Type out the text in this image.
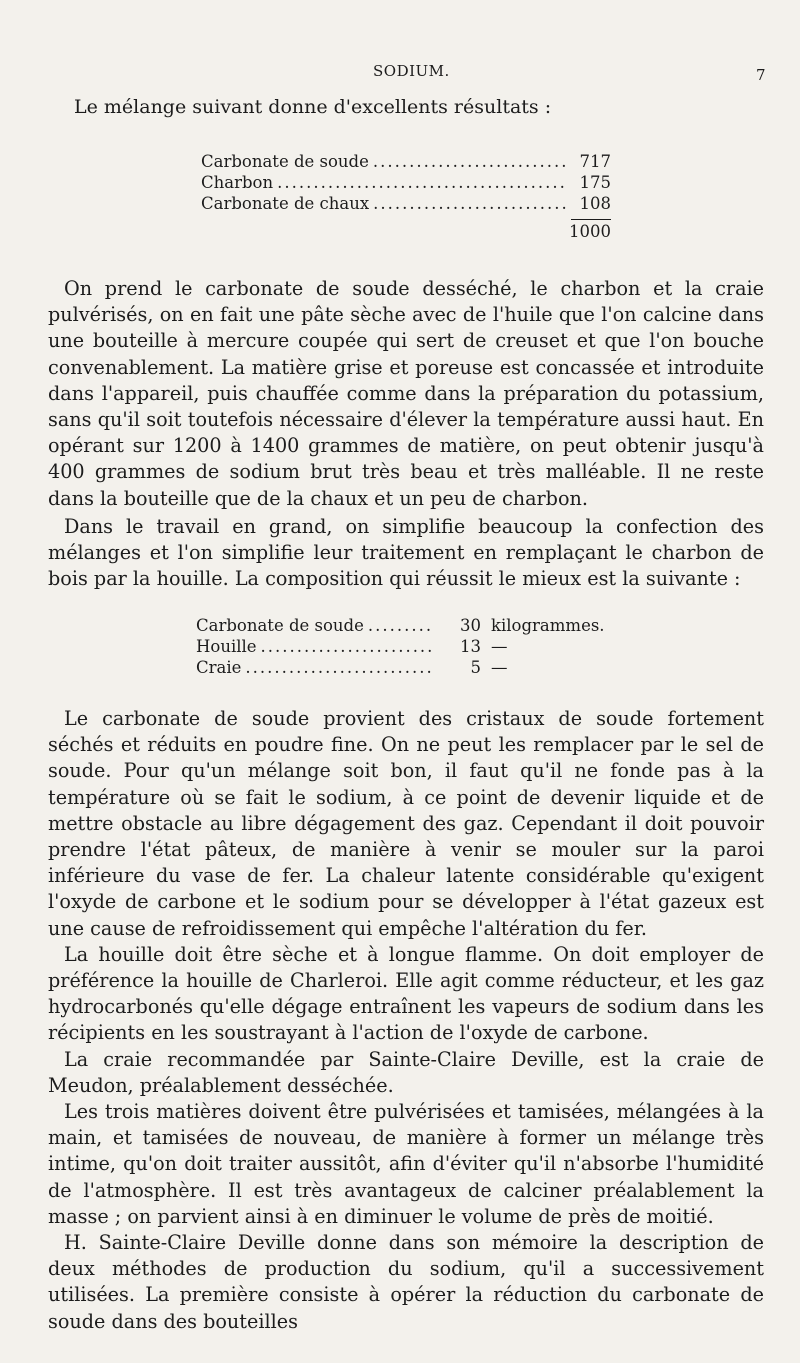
SODIUM.	7
Le mélange suivant donne d'excellents résultats :
Carbonate de soude .....	717
Charbon .....	175
Carbonate de chaux .....	108
1000

On prend le carbonate de soude desséché, le charbon et la craie pulvérisés, on en fait une pâte sèche avec de l'huile que l'on calcine dans une bouteille à mercure coupée qui sert de creuset et que l'on bouche convenablement. La matière grise et poreuse est concassée et introduite dans l'appareil, puis chauffée comme dans la préparation du potassium, sans qu'il soit toutefois nécessaire d'élever la température aussi haut. En opérant sur 1200 à 1400 grammes de matière, on peut obtenir jusqu'à 400 grammes de sodium brut très beau et très malléable. Il ne reste dans la bouteille que de la chaux et un peu de charbon.

Dans le travail en grand, on simplifie beaucoup la confection des mélanges et l'on simplifie leur traitement en remplaçant le charbon de bois par la houille. La composition qui réussit le mieux est la suivante :

Carbonate de soude .....	30 kilogrammes.
Houille .....	13 —
Craie .....	5 —

Le carbonate de soude provient des cristaux de soude fortement séchés et réduits en poudre fine. On ne peut les remplacer par le sel de soude. Pour qu'un mélange soit bon, il faut qu'il ne fonde pas à la température où se fait le sodium, à ce point de devenir liquide et de mettre obstacle au libre dégagement des gaz. Cependant il doit pouvoir prendre l'état pâteux, de manière à venir se mouler sur la paroi inférieure du vase de fer. La chaleur latente considérable qu'exigent l'oxyde de carbone et le sodium pour se développer à l'état gazeux est une cause de refroidissement qui empêche l'altération du fer.

La houille doit être sèche et à longue flamme. On doit employer de préférence la houille de Charleroi. Elle agit comme réducteur, et les gaz hydrocarbonés qu'elle dégage entraînent les vapeurs de sodium dans les récipients en les soustrayant à l'action de l'oxyde de carbone.

La craie recommandée par Sainte-Claire Deville, est la craie de Meudon, préalablement desséchée.

Les trois matières doivent être pulvérisées et tamisées, mélangées à la main, et tamisées de nouveau, de manière à former un mélange très intime, qu'on doit traiter aussitôt, afin d'éviter qu'il n'absorbe l'humidité de l'atmosphère. Il est très avantageux de calciner préalablement la masse ; on parvient ainsi à en diminuer le volume de près de moitié.

H. Sainte-Claire Deville donne dans son mémoire la description de deux méthodes de production du sodium, qu'il a successivement utilisées. La première consiste à opérer la réduction du carbonate de soude dans des bouteilles
